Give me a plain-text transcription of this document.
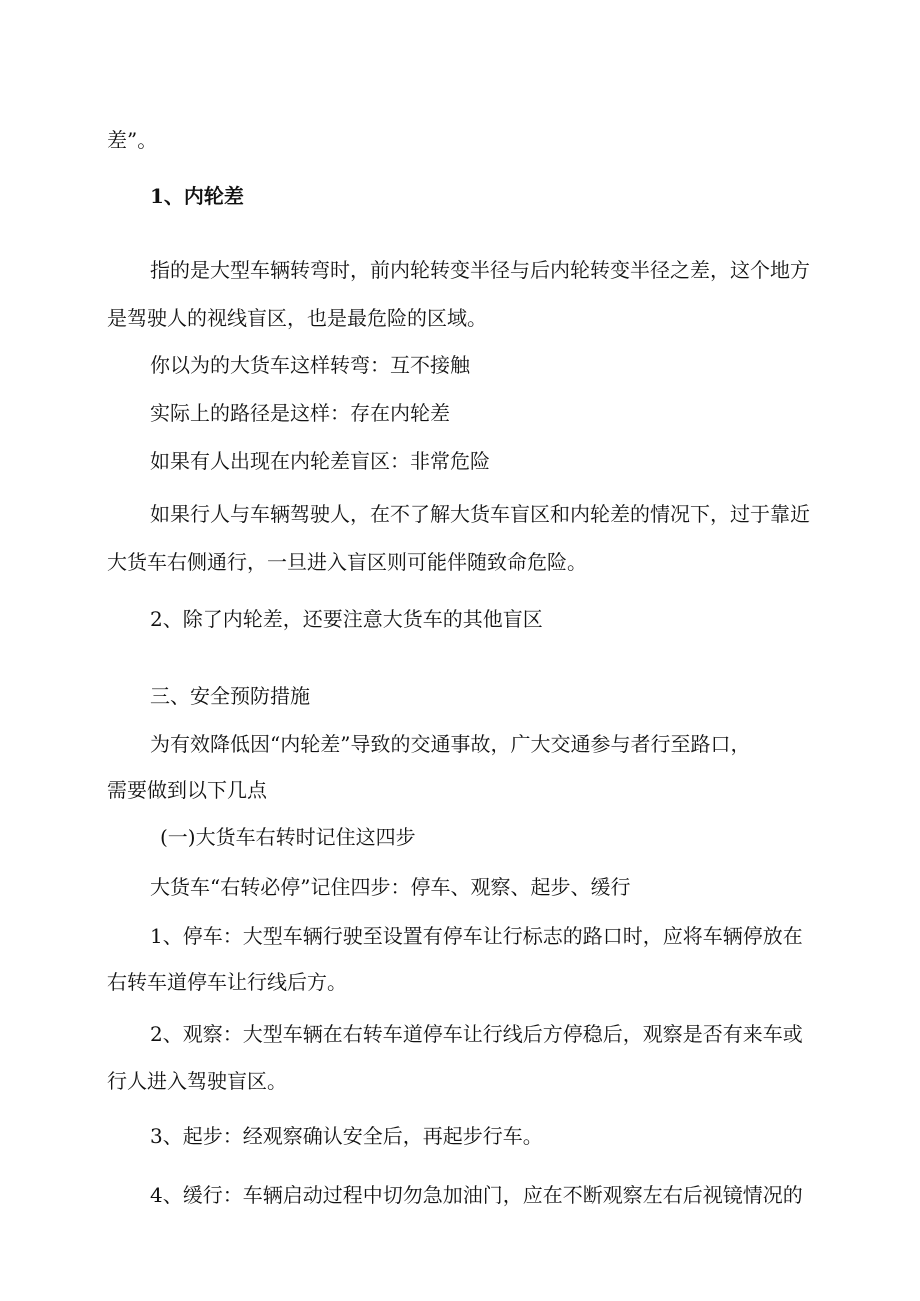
差”。
1、内轮差
指的是大型车辆转弯时，前内轮转变半径与后内轮转变半径之差，这个地方
是驾驶人的视线盲区，也是最危险的区域。
你以为的大货车这样转弯：互不接触
实际上的路径是这样：存在内轮差
如果有人出现在内轮差盲区：非常危险
如果行人与车辆驾驶人，在不了解大货车盲区和内轮差的情况下，过于靠近
大货车右侧通行，一旦进入盲区则可能伴随致命危险。
2、除了内轮差，还要注意大货车的其他盲区
三、安全预防措施
为有效降低因“内轮差”导致的交通事故，广大交通参与者行至路口，
需要做到以下几点
(一)大货车右转时记住这四步
大货车“右转必停”记住四步：停车、观察、起步、缓行
1、停车：大型车辆行驶至设置有停车让行标志的路口时，应将车辆停放在
右转车道停车让行线后方。
2、观察：大型车辆在右转车道停车让行线后方停稳后，观察是否有来车或
行人进入驾驶盲区。
3、起步：经观察确认安全后，再起步行车。
4、缓行：车辆启动过程中切勿急加油门，应在不断观察左右后视镜情况的
